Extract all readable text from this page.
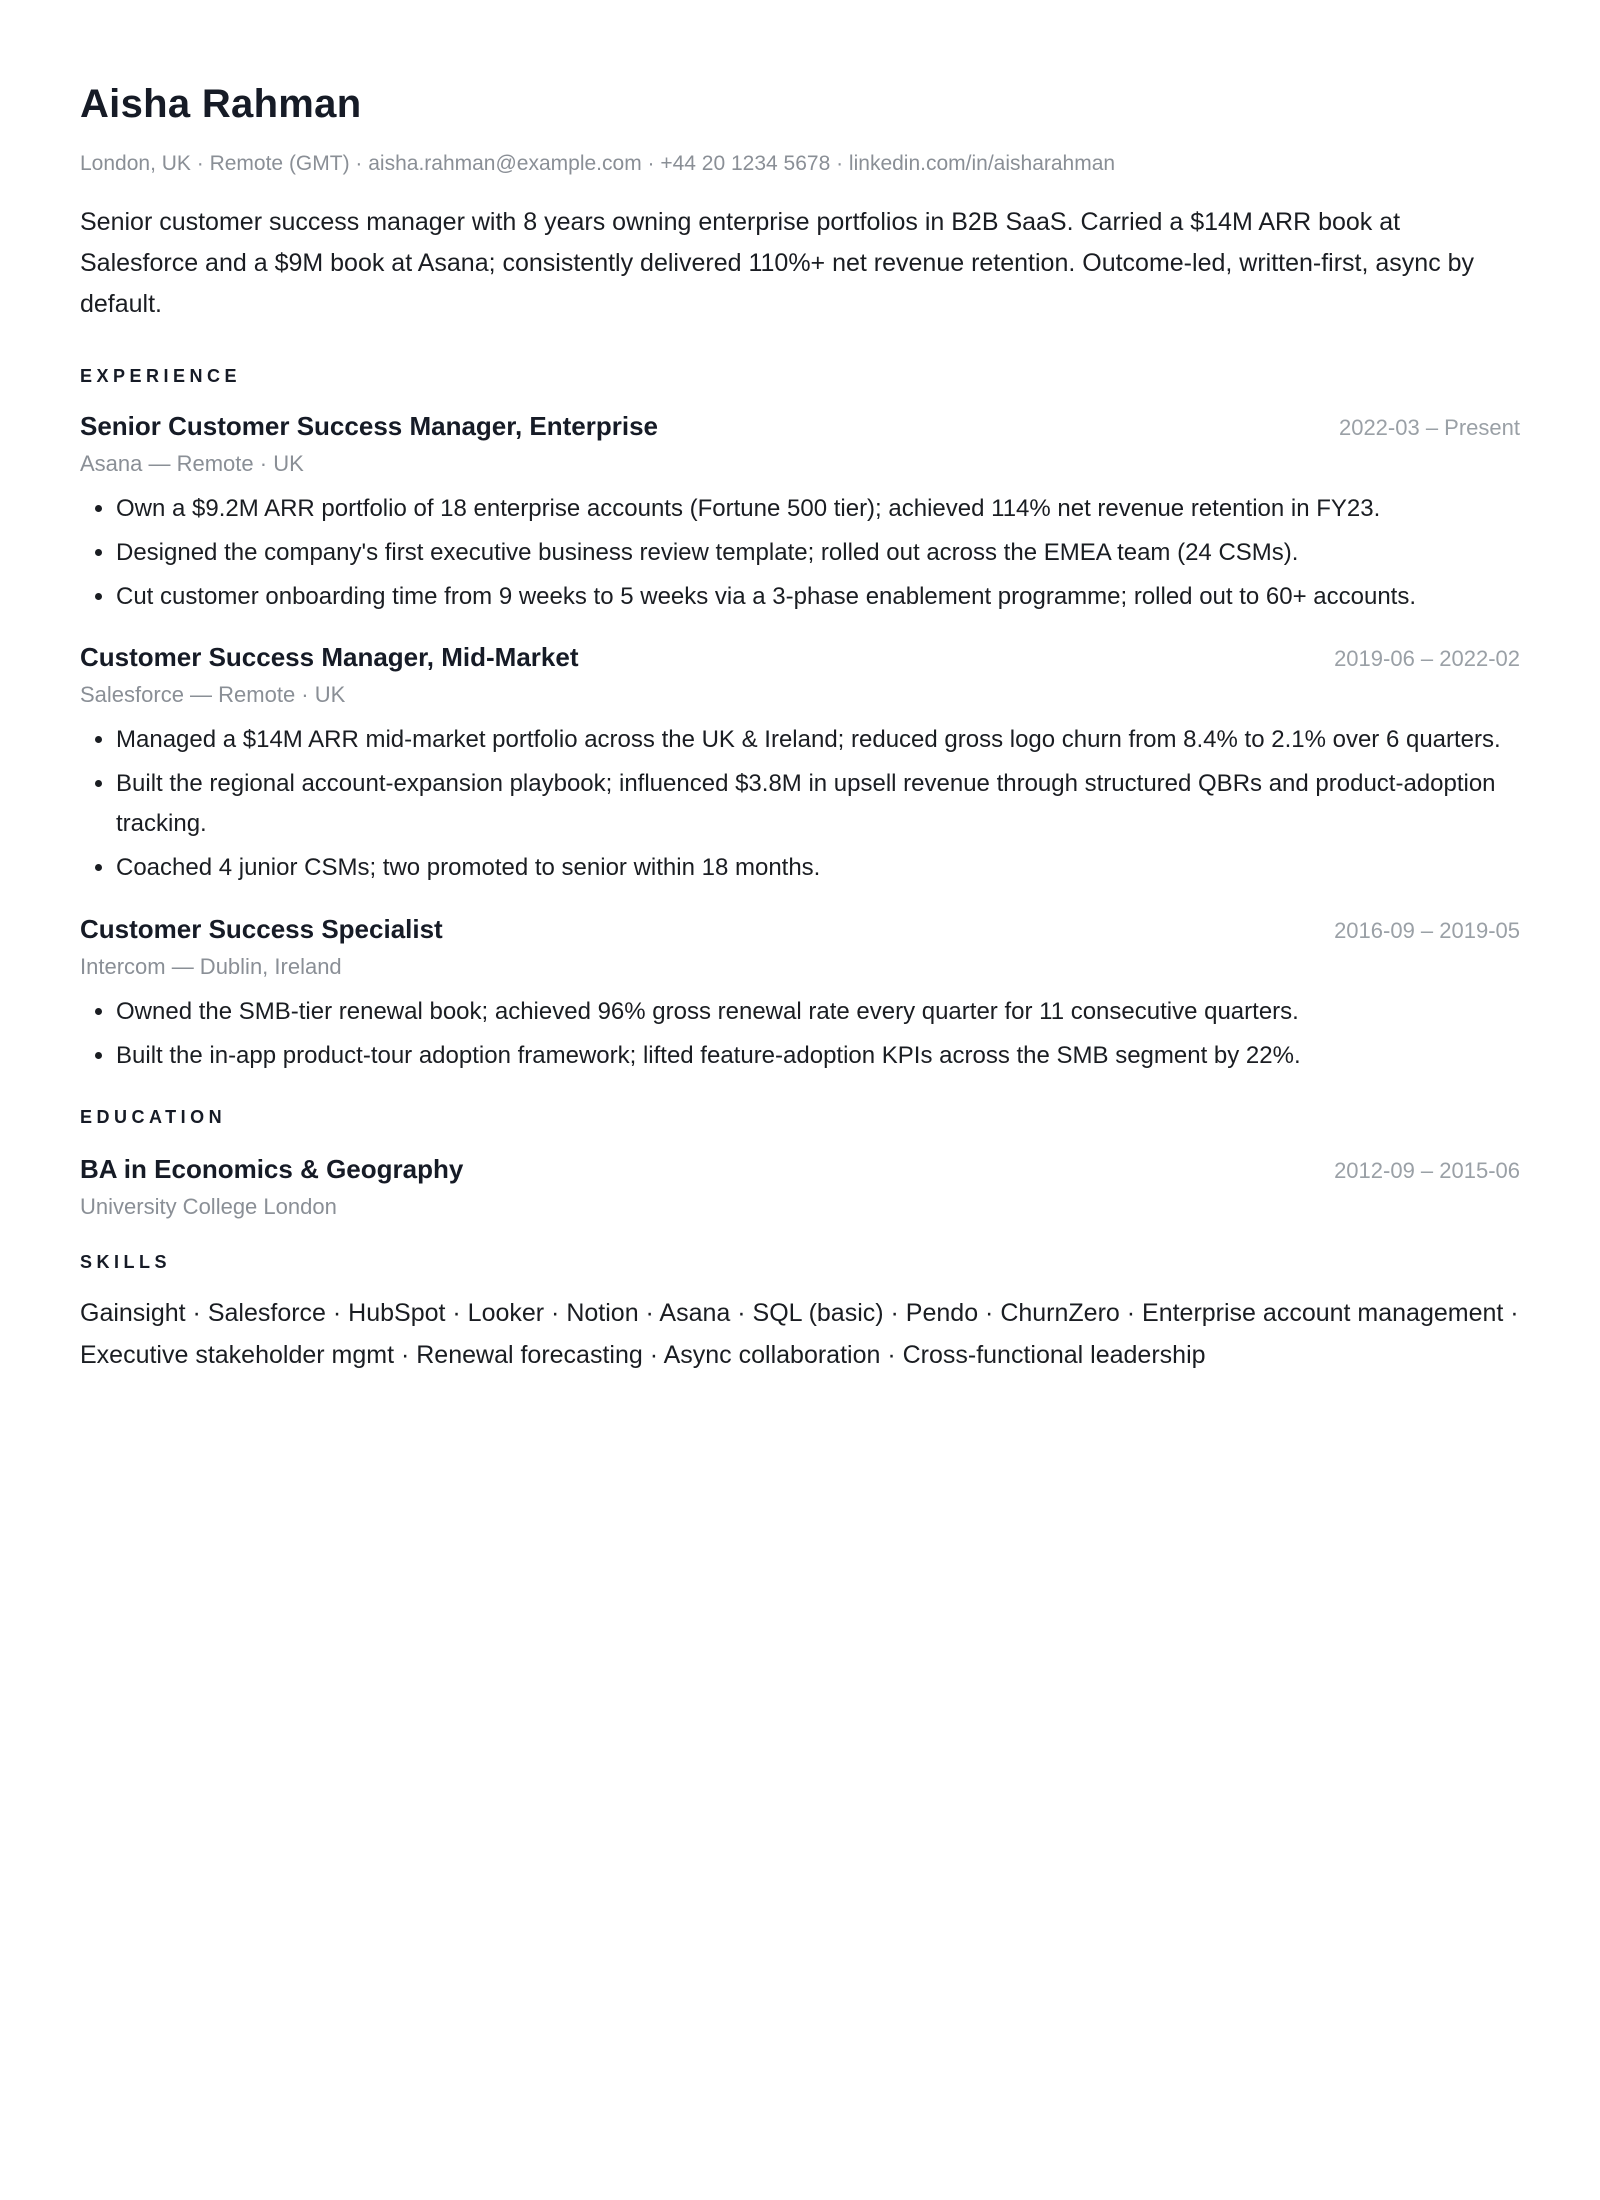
Aisha Rahman
London, UK · Remote (GMT) · aisha.rahman@example.com · +44 20 1234 5678 · linkedin.com/in/aisharahman
Senior customer success manager with 8 years owning enterprise portfolios in B2B SaaS. Carried a $14M ARR book at Salesforce and a $9M book at Asana; consistently delivered 110%+ net revenue retention. Outcome-led, written-first, async by default.
EXPERIENCE
Senior Customer Success Manager, Enterprise	2022-03 – Present
Asana — Remote · UK
• Own a $9.2M ARR portfolio of 18 enterprise accounts (Fortune 500 tier); achieved 114% net revenue retention in FY23.
• Designed the company's first executive business review template; rolled out across the EMEA team (24 CSMs).
• Cut customer onboarding time from 9 weeks to 5 weeks via a 3-phase enablement programme; rolled out to 60+ accounts.
Customer Success Manager, Mid-Market	2019-06 – 2022-02
Salesforce — Remote · UK
• Managed a $14M ARR mid-market portfolio across the UK & Ireland; reduced gross logo churn from 8.4% to 2.1% over 6 quarters.
• Built the regional account-expansion playbook; influenced $3.8M in upsell revenue through structured QBRs and product-adoption tracking.
• Coached 4 junior CSMs; two promoted to senior within 18 months.
Customer Success Specialist	2016-09 – 2019-05
Intercom — Dublin, Ireland
• Owned the SMB-tier renewal book; achieved 96% gross renewal rate every quarter for 11 consecutive quarters.
• Built the in-app product-tour adoption framework; lifted feature-adoption KPIs across the SMB segment by 22%.
EDUCATION
BA in Economics & Geography	2012-09 – 2015-06
University College London
SKILLS
Gainsight · Salesforce · HubSpot · Looker · Notion · Asana · SQL (basic) · Pendo · ChurnZero · Enterprise account management · Executive stakeholder mgmt · Renewal forecasting · Async collaboration · Cross-functional leadership
